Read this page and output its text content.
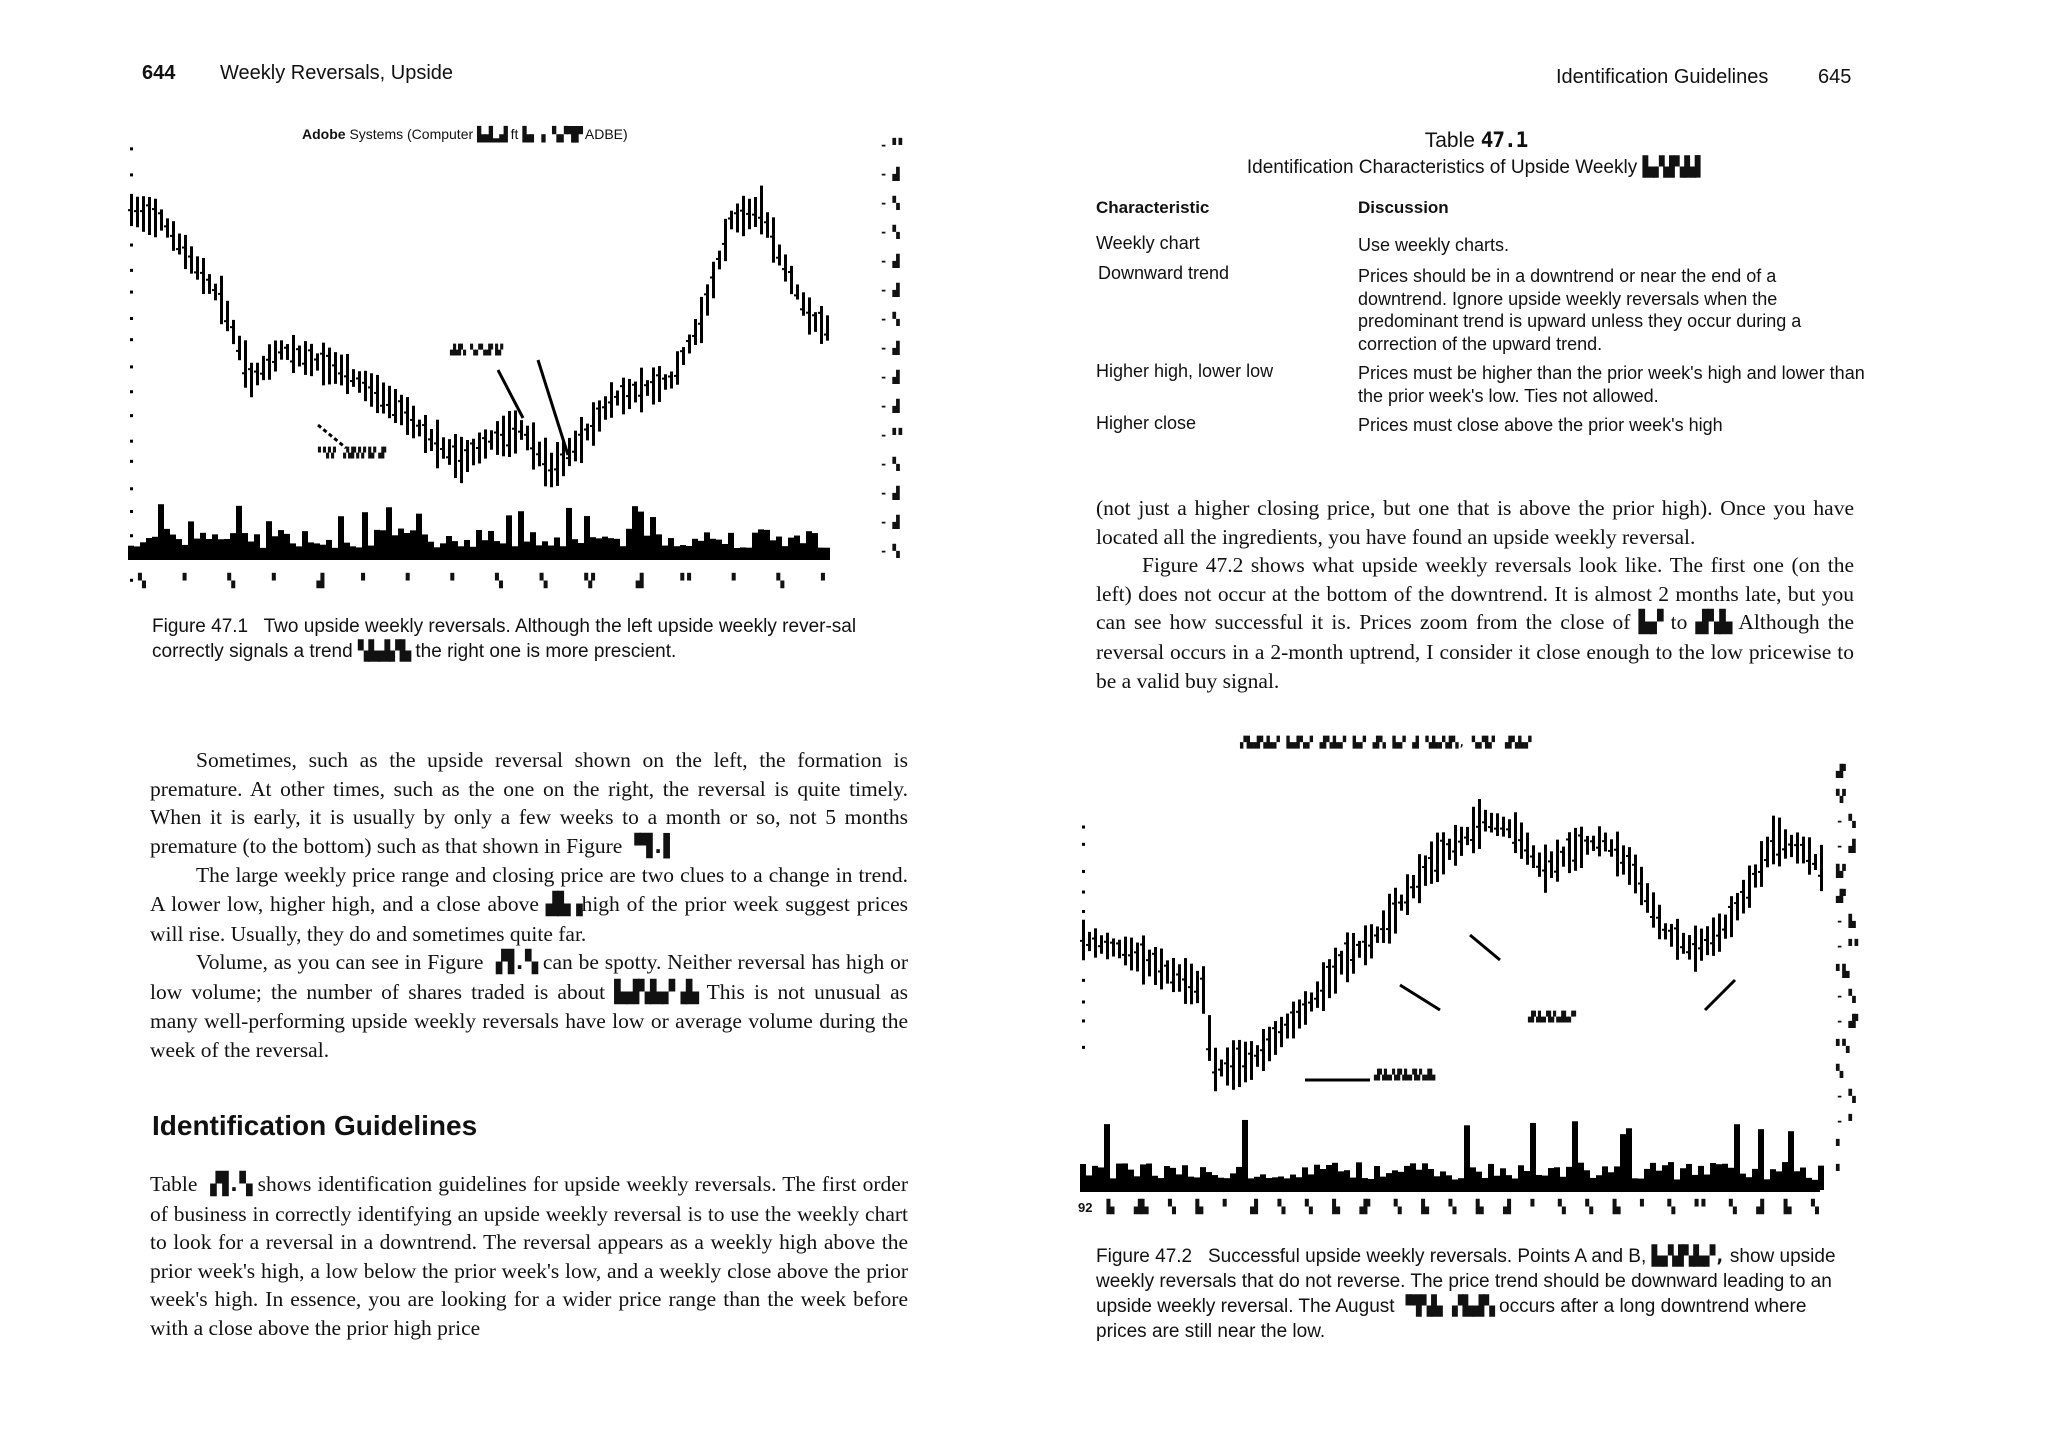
644 Weekly Reversals, Upside
Adobe Systems (Computer ▙▟▂▟ ft ▙▖▗ ▚▞▜▛ ADBE)
▘▚▚▘ ▞▟▚▚▘▙▘▟▘
▟▟▚ ▚▞▚▟▘▙▘
- ▘▘
- ▟
- ▚
- ▚
- ▟
- ▟
- ▚
- ▟
- ▟
- ▟
- ▘▘
- ▚
- ▟
- ▟
- ▚
▚	▘	▚	▘	▟	▘	▘	▘	▚	▚	▚▘	▟	▘▘	▘	▚	▘
Figure 47.1 Two upside weekly reversals. Although the left upside weekly rever-sal correctly signals a trend ▚▙▟▞▙ the right one is more prescient.

Sometimes, such as the upside reversal shown on the left, the formation is premature. At other times, such as the one on the right, the reversal is quite timely. When it is early, it is usually by only a few weeks to a month or so, not 5 months premature (to the bottom) such as that shown in Figure ▝▜.▌

The large weekly price range and closing price are two clues to a change in trend. A lower low, higher high, and a close above ▟▙▗high of the prior week suggest prices will rise. Usually, they do and sometimes quite far.

Volume, as you can see in Figure ▗▜.▚ can be spotty. Neither reversal has high or low volume; the number of shares traded is about ▙▟▚▙▞▗▙ This is not unusual as many well-performing upside weekly reversals have low or average volume during the week of the reversal.

Identification Guidelines

Table ▗▜.▚ shows identification guidelines for upside weekly reversals. The first order of business in correctly identifying an upside weekly reversal is to use the weekly chart to look for a reversal in a downtrend. The reversal appears as a weekly high above the prior week's high, a low below the prior week's low, and a weekly close above the prior week's high. In essence, you are looking for a wider price range than the week before with a close above the prior high price

Identification Guidelines 645
Table 47.1
Identification Characteristics of Upside Weekly ▙▞▟▚▙▌
Characteristic	Discussion
Weekly chart	Use weekly charts.
Downward trend	Prices should be in a downtrend or near the end of a downtrend. Ignore upside weekly reversals when the predominant trend is upward unless they occur during a correction of the upward trend.
Higher high, lower low	Prices must be higher than the prior week's high and lower than the prior week's low. Ties not allowed.
Higher close	Prices must close above the prior week's high

(not just a higher closing price, but one that is above the prior high). Once you have located all the ingredients, you have found an upside weekly reversal.

Figure 47.2 shows what upside weekly reversals look like. The first one (on the left) does not occur at the bottom of the downtrend. It is almost 2 months late, but you can see how successful it is. Prices zoom from the close of ▙▞ to ▟▚▙ Although the reversal occurs in a 2-month uptrend, I consider it close enough to the low pricewise to be a valid buy signal.

▞▙▟▚▙▞ ▙▟▚▞ ▟▚▙▞ ▙▞ ▟▚ ▙▞ ▟ ▚▙▞▟▚, ▚▞▙▘ ▟▚▙▞
▟▚▙▞▟▚▙▞▙▚▟▙
▟▚▙▞▙▚▟▙▞▘
▟▘
▚▘
- ▚
- ▟
▙▘
▟▘
- ▙
- ▘▘
▘▙
- ▚
- ▟▘
▘▚
▚
- ▚
- ▘
▘
▘
92 ▙ ▟▙ ▚ ▙ ▘ ▟ ▚ ▚ ▙ ▟▘ ▚ ▙ ▚ ▙ ▟ ▘ ▚ ▚ ▙ ▘ ▚ ▘▘ ▚ ▟ ▙ ▚
Figure 47.2 Successful upside weekly reversals. Points A and B, ▙▞▟▚▙▞, show upside weekly reversals that do not reverse. The price trend should be downward leading to an upside weekly reversal. The August ▝▜▚▙ ▞▙▟▚ occurs after a long downtrend where prices are still near the low.
